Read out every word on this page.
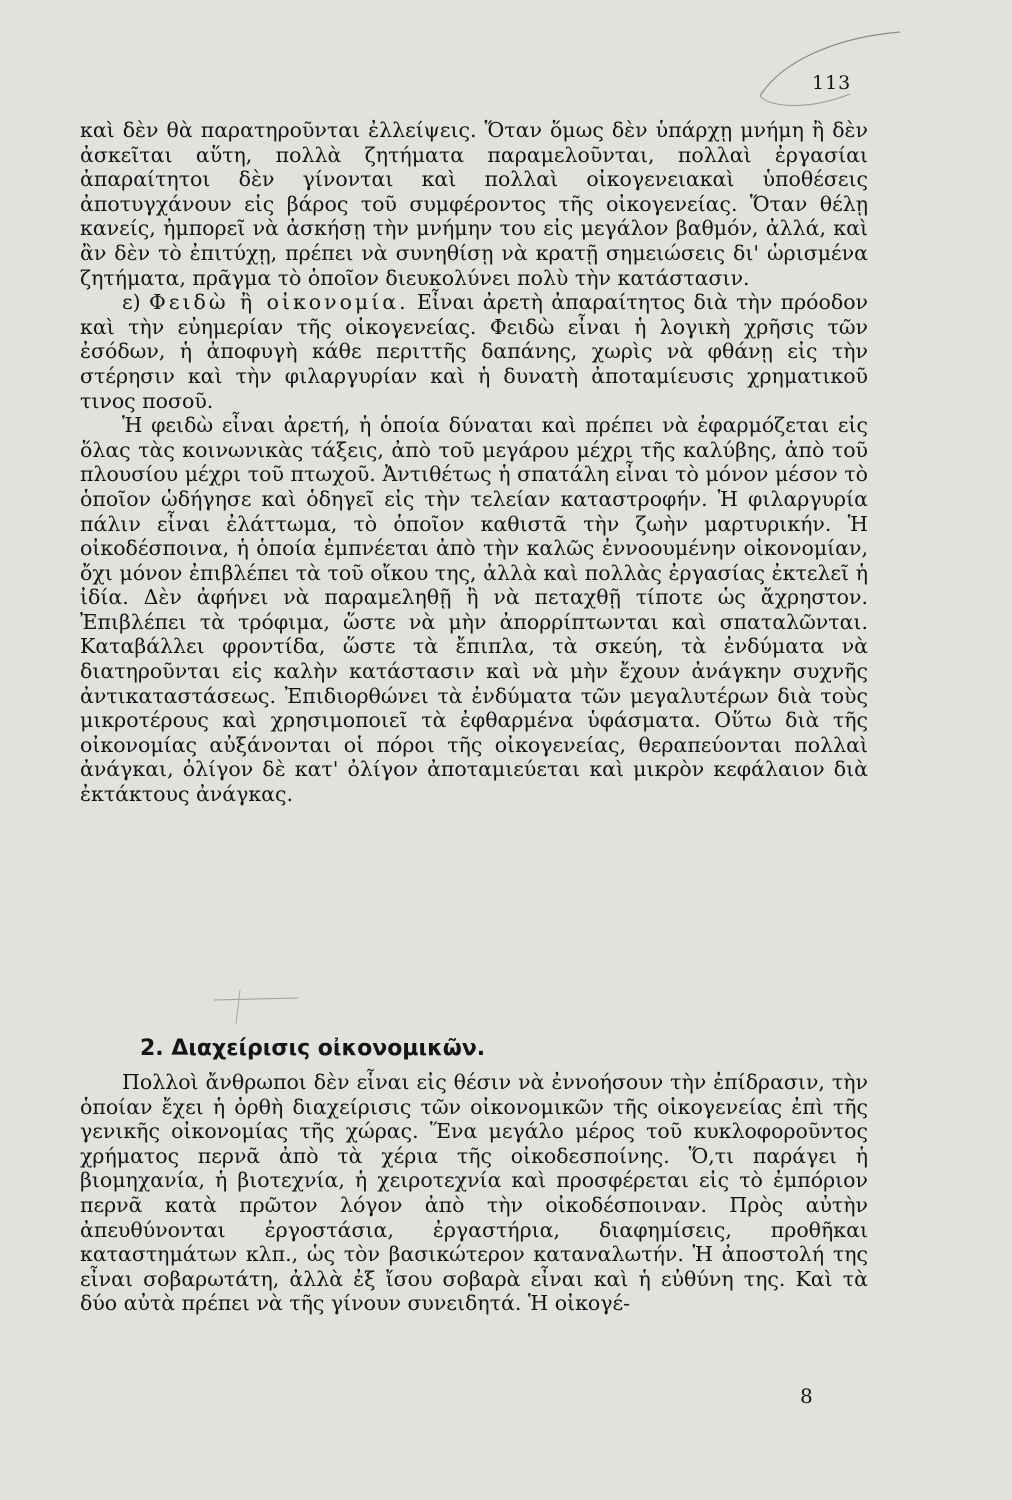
113

καὶ δὲν θὰ παρατηροῦνται ἐλλείψεις. Ὅταν ὅμως δὲν ὑπάρχῃ μνήμη ἢ δὲν ἀσκεῖται αὕτη, πολλὰ ζητήματα παραμελοῦνται, πολλαὶ ἐργασίαι ἀπαραίτητοι δὲν γίνονται καὶ πολλαὶ οἰκογενειακαὶ ὑποθέσεις ἀποτυγχάνουν εἰς βάρος τοῦ συμφέροντος τῆς οἰκογενείας. Ὅταν θέλῃ κανείς, ἠμπορεῖ νὰ ἀσκήσῃ τὴν μνήμην του εἰς μεγάλον βαθμόν, ἀλλά, καὶ ἂν δὲν τὸ ἐπιτύχῃ, πρέπει νὰ συνηθίσῃ νὰ κρατῇ σημειώσεις δι' ὡρισμένα ζητήματα, πρᾶγμα τὸ ὁποῖον διευκολύνει πολὺ τὴν κατάστασιν.

ε) Φειδὼ ἢ οἰκονομία. Εἶναι ἀρετὴ ἀπαραίτητος διὰ τὴν πρόοδον καὶ τὴν εὐημερίαν τῆς οἰκογενείας. Φειδὼ εἶναι ἡ λογικὴ χρῆσις τῶν ἐσόδων, ἡ ἀποφυγὴ κάθε περιττῆς δαπάνης, χωρὶς νὰ φθάνῃ εἰς τὴν στέρησιν καὶ τὴν φιλαργυρίαν καὶ ἡ δυνατὴ ἀποταμίευσις χρηματικοῦ τινος ποσοῦ.

Ἡ φειδὼ εἶναι ἀρετή, ἡ ὁποία δύναται καὶ πρέπει νὰ ἐφαρμόζεται εἰς ὅλας τὰς κοινωνικὰς τάξεις, ἀπὸ τοῦ μεγάρου μέχρι τῆς καλύβης, ἀπὸ τοῦ πλουσίου μέχρι τοῦ πτωχοῦ. Ἀντιθέτως ἡ σπατάλη εἶναι τὸ μόνον μέσον τὸ ὁποῖον ὡδήγησε καὶ ὁδηγεῖ εἰς τὴν τελείαν καταστροφήν. Ἡ φιλαργυρία πάλιν εἶναι ἐλάττωμα, τὸ ὁποῖον καθιστᾶ τὴν ζωὴν μαρτυρικήν. Ἡ οἰκοδέσποινα, ἡ ὁποία ἐμπνέεται ἀπὸ τὴν καλῶς ἐννοουμένην οἰκονομίαν, ὄχι μόνον ἐπιβλέπει τὰ τοῦ οἴκου της, ἀλλὰ καὶ πολλὰς ἐργασίας ἐκτελεῖ ἡ ἰδία. Δὲν ἀφήνει νὰ παραμεληθῇ ἢ νὰ πεταχθῇ τίποτε ὡς ἄχρηστον. Ἐπιβλέπει τὰ τρόφιμα, ὥστε νὰ μὴν ἀπορρίπτωνται καὶ σπαταλῶνται. Καταβάλλει φροντίδα, ὥστε τὰ ἔπιπλα, τὰ σκεύη, τὰ ἐνδύματα νὰ διατηροῦνται εἰς καλὴν κατάστασιν καὶ νὰ μὴν ἔχουν ἀνάγκην συχνῆς ἀντικαταστάσεως. Ἐπιδιορθώνει τὰ ἐνδύματα τῶν μεγαλυτέρων διὰ τοὺς μικροτέρους καὶ χρησιμοποιεῖ τὰ ἐφθαρμένα ὑφάσματα. Οὕτω διὰ τῆς οἰκονομίας αὐξάνονται οἱ πόροι τῆς οἰκογενείας, θεραπεύονται πολλαὶ ἀνάγκαι, ὀλίγον δὲ κατ' ὀλίγον ἀποταμιεύεται καὶ μικρὸν κεφάλαιον διὰ ἐκτάκτους ἀνάγκας.

2. Διαχείρισις οἰκονομικῶν.

Πολλοὶ ἄνθρωποι δὲν εἶναι εἰς θέσιν νὰ ἐννοήσουν τὴν ἐπίδρασιν, τὴν ὁποίαν ἔχει ἡ ὀρθὴ διαχείρισις τῶν οἰκονομικῶν τῆς οἰκογενείας ἐπὶ τῆς γενικῆς οἰκονομίας τῆς χώρας. Ἕνα μεγάλο μέρος τοῦ κυκλοφοροῦντος χρήματος περνᾶ ἀπὸ τὰ χέρια τῆς οἰκοδεσποίνης. Ὅ,τι παράγει ἡ βιομηχανία, ἡ βιοτεχνία, ἡ χειροτεχνία καὶ προσφέρεται εἰς τὸ ἐμπόριον περνᾶ κατὰ πρῶτον λόγον ἀπὸ τὴν οἰκοδέσποιναν. Πρὸς αὐτὴν ἀπευθύνονται ἐργοστάσια, ἐργαστήρια, διαφημίσεις, προθῆκαι καταστημάτων κλπ., ὡς τὸν βασικώτερον καταναλωτήν. Ἡ ἀποστολή της εἶναι σοβαρωτάτη, ἀλλὰ ἐξ ἴσου σοβαρὰ εἶναι καὶ ἡ εὐθύνη της. Καὶ τὰ δύο αὐτὰ πρέπει νὰ τῆς γίνουν συνειδητά. Ἡ οἰκογέ-

8
